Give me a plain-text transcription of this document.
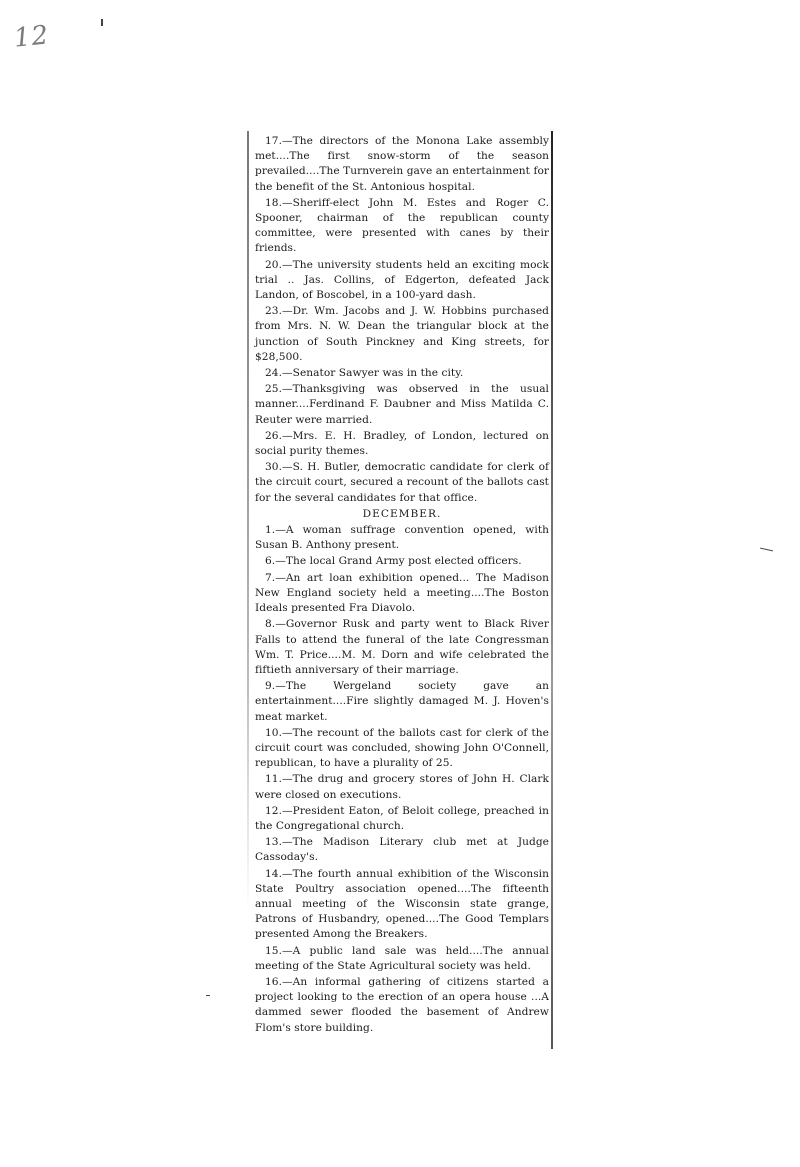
12

17.—The directors of the Monona Lake assembly met....The first snow-storm of the season prevailed....The Turnverein gave an entertainment for the benefit of the St. Antonious hospital.

18.—Sheriff-elect John M. Estes and Roger C. Spooner, chairman of the republican county committee, were presented with canes by their friends.

20.—The university students held an exciting mock trial .. Jas. Collins, of Edgerton, defeated Jack Landon, of Boscobel, in a 100-yard dash.

23.—Dr. Wm. Jacobs and J. W. Hobbins purchased from Mrs. N. W. Dean the triangular block at the junction of South Pinckney and King streets, for $28,500.

24.—Senator Sawyer was in the city.

25.—Thanksgiving was observed in the usual manner....Ferdinand F. Daubner and Miss Matilda C. Reuter were married.

26.—Mrs. E. H. Bradley, of London, lectured on social purity themes.

30.—S. H. Butler, democratic candidate for clerk of the circuit court, secured a recount of the ballots cast for the several candidates for that office.

DECEMBER.

1.—A woman suffrage convention opened, with Susan B. Anthony present.

6.—The local Grand Army post elected officers.

7.—An art loan exhibition opened... The Madison New England society held a meeting....The Boston Ideals presented Fra Diavolo.

8.—Governor Rusk and party went to Black River Falls to attend the funeral of the late Congressman Wm. T. Price....M. M. Dorn and wife celebrated the fiftieth anniversary of their marriage.

9.—The Wergeland society gave an entertainment....Fire slightly damaged M. J. Hoven's meat market.

10.—The recount of the ballots cast for clerk of the circuit court was concluded, showing John O'Connell, republican, to have a plurality of 25.

11.—The drug and grocery stores of John H. Clark were closed on executions.

12.—President Eaton, of Beloit college, preached in the Congregational church.

13.—The Madison Literary club met at Judge Cassoday's.

14.—The fourth annual exhibition of the Wisconsin State Poultry association opened....The fifteenth annual meeting of the Wisconsin state grange, Patrons of Husbandry, opened....The Good Templars presented Among the Breakers.

15.—A public land sale was held....The annual meeting of the State Agricultural society was held.

16.—An informal gathering of citizens started a project looking to the erection of an opera house ...A dammed sewer flooded the basement of Andrew Flom's store building.
